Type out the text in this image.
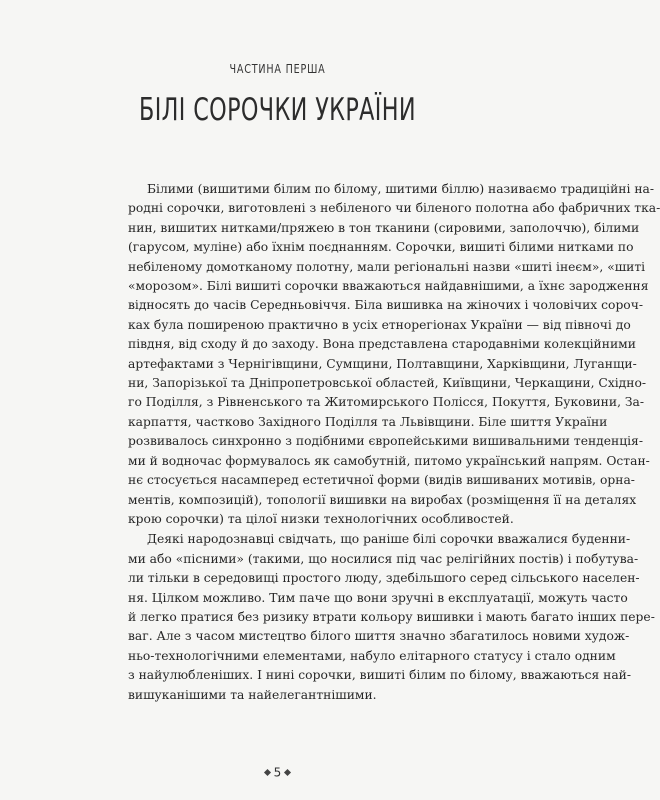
ЧАСТИНА ПЕРША
БІЛІ СОРОЧКИ УКРАЇНИ
Білими (вишитими білим по білому, шитими біллю) називаємо традиційні на-
родні сорочки, виготовлені з небіленого чи біленого полотна або фабричних тка-
нин, вишитих нитками/пряжею в тон тканини (сировими, заполоччю), білими
(гарусом, муліне) або їхнім поєднанням. Сорочки, вишиті білими нитками по
небіленому домотканому полотну, мали регіональні назви «шиті інеєм», «шиті
«морозом». Білі вишиті сорочки вважаються найдавнішими, а їхнє зародження
відносять до часів Середньовіччя. Біла вишивка на жіночих і чоловічих сороч-
ках була поширеною практично в усіх етнорегіонах України — від півночі до
півдня, від сходу й до заходу. Вона представлена стародавніми колекційними
артефактами з Чернігівщини, Сумщини, Полтавщини, Харківщини, Луганщи-
ни, Запорізької та Дніпропетровської областей, Київщини, Черкащини, Східно-
го Поділля, з Рівненського та Житомирського Полісся, Покуття, Буковини, За-
карпаття, частково Західного Поділля та Львівщини. Біле шиття України
розвивалось синхронно з подібними європейськими вишивальними тенденція-
ми й водночас формувалось як самобутній, питомо український напрям. Остан-
нє стосується насамперед естетичної форми (видів вишиваних мотивів, орна-
ментів, композицій), топології вишивки на виробах (розміщення її на деталях
крою сорочки) та цілої низки технологічних особливостей.
Деякі народознавці свідчать, що раніше білі сорочки вважалися буденни-
ми або «пісними» (такими, що носилися під час релігійних постів) і побутува-
ли тільки в середовищі простого люду, здебільшого серед сільського населен-
ня. Цілком можливо. Тим паче що вони зручні в експлуатації, можуть часто
й легко пратися без ризику втрати кольору вишивки і мають багато інших пере-
ваг. Але з часом мистецтво білого шиття значно збагатилось новими худож-
ньо-технологічними елементами, набуло елітарного статусу і стало одним
з найулюбленіших. І нині сорочки, вишиті білим по білому, вважаються най-
вишуканішими та найелегантнішими.
5
